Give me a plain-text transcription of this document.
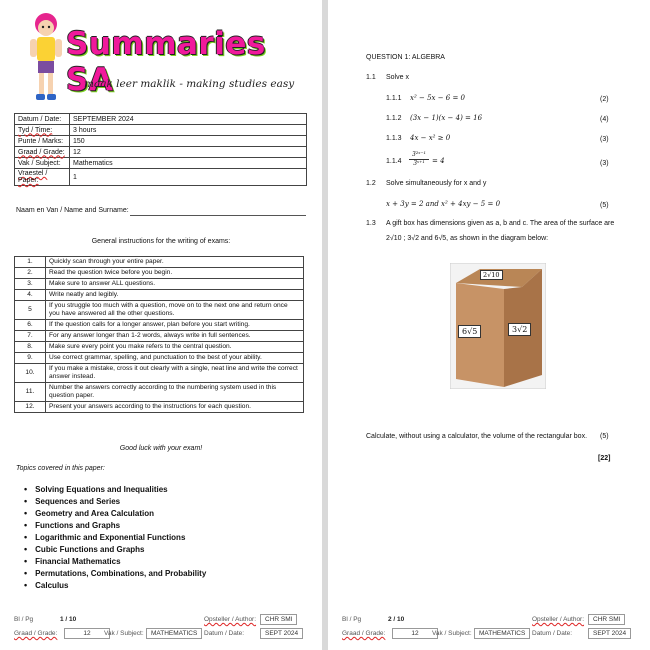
Summaries SA
maak leer maklik - making studies easy
Datum / Date:	SEPTEMBER 2024
Tyd / Time:	3 hours
Punte / Marks:	150
Graad / Grade:	12
Vak / Subject:	Mathematics
Vraestel / Paper:	1
Naam en Van / Name and Surname:
General instructions for the writing of exams:
1.	Quickly scan through your entire paper.
2.	Read the question twice before you begin.
3.	Make sure to answer ALL questions.
4.	Write neatly and legibly.
5	If you struggle too much with a question, move on to the next one and return once you have answered all the other questions.
6.	If the question calls for a longer answer, plan before you start writing.
7.	For any answer longer than 1-2 words, always write in full sentences.
8.	Make sure every point you make refers to the central question.
9.	Use correct grammar, spelling, and punctuation to the best of your ability.
10.	If you make a mistake, cross it out clearly with a single, neat line and write the correct answer instead.
11.	Number the answers correctly according to the numbering system used in this question paper.
12.	Present your answers according to the instructions for each question.
Good luck with your exam!
Topics covered in this paper:
• Solving Equations and Inequalities
• Sequences and Series
• Geometry and Area Calculation
• Functions and Graphs
• Logarithmic and Exponential Functions
• Cubic Functions and Graphs
• Financial Mathematics
• Permutations, Combinations, and Probability
• Calculus
Bl / Pg	1 / 10	Opsteller / Author:	CHR SMI
Graad / Grade:	12	Vak / Subject:	MATHEMATICS	Datum / Date:	SEPT 2024
QUESTION 1: ALGEBRA
1.1 Solve x
1.1.1 x² − 5x − 6 = 0	(2)
1.1.2 (3x − 1)(x − 4) = 16	(4)
1.1.3 4x − x² ≥ 0	(3)
$1.1.4 \frac{\text{3²ˣ⁻¹}}{\text{3ˣ⁺¹}} = 4$	(3)
1.2 Solve simultaneously for x and y
x + 3y = 2 and x² + 4xy − 5 = 0	(5)
1.3 A gift box has dimensions given as a, b and c. The area of the surface are
2√10 ; 3√2 and 6√5, as shown in the diagram below:
2√10
6√5	3√2
Calculate, without using a calculator, the volume of the rectangular box. (5)
[22]
Bl / Pg	2 / 10	Opsteller / Author:	CHR SMI
Graad / Grade:	12	Vak / Subject:	MATHEMATICS	Datum / Date:	SEPT 2024
